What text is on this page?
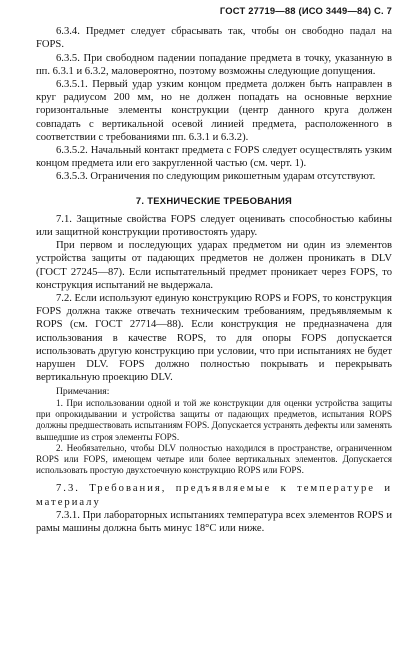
ГОСТ 27719—88 (ИСО 3449—84) С. 7

6.3.4. Предмет следует сбрасывать так, чтобы он свободно падал на FOPS.

6.3.5. При свободном падении попадание предмета в точку, указанную в пп. 6.3.1 и 6.3.2, маловероятно, поэтому возможны следующие допущения.

6.3.5.1. Первый удар узким концом предмета должен быть направлен в круг радиусом 200 мм, но не должен попадать на основные верхние горизонтальные элементы конструкции (центр данного круга должен совпадать с вертикальной осевой линией предмета, расположенного в соответствии с требованиями пп. 6.3.1 и 6.3.2).

6.3.5.2. Начальный контакт предмета с FOPS следует осуществлять узким концом предмета или его закругленной частью (см. черт. 1).

6.3.5.3. Ограничения по следующим рикошетным ударам отсутствуют.

7. ТЕХНИЧЕСКИЕ ТРЕБОВАНИЯ

7.1. Защитные свойства FOPS следует оценивать способностью кабины или защитной конструкции противостоять удару.

При первом и последующих ударах предметом ни один из элементов устройства защиты от падающих предметов не должен проникать в DLV (ГОСТ 27245—87). Если испытательный предмет проникает через FOPS, то конструкция испытаний не выдержала.

7.2. Если используют единую конструкцию ROPS и FOPS, то конструкция FOPS должна также отвечать техническим требованиям, предъявляемым к ROPS (см. ГОСТ 27714—88). Если конструкция не предназначена для использования в качестве ROPS, то для опоры FOPS допускается использовать другую конструкцию при условии, что при испытаниях не будет нарушен DLV. FOPS должно полностью покрывать и перекрывать вертикальную проекцию DLV.

Примечания:

1. При использовании одной и той же конструкции для оценки устройства защиты при опрокидывании и устройства защиты от падающих предметов, испытания ROPS должны предшествовать испытаниям FOPS. Допускается устранять дефекты или заменять вышедшие из строя элементы FOPS.

2. Необязательно, чтобы DLV полностью находился в пространстве, ограниченном ROPS или FOPS, имеющем четыре или более вертикальных элементов. Допускается использовать простую двухстоечную конструкцию ROPS или FOPS.

7.3. Требования, предъявляемые к температуре и материалу

7.3.1. При лабораторных испытаниях температура всех элементов ROPS и рамы машины должна быть минус 18°С или ниже.
